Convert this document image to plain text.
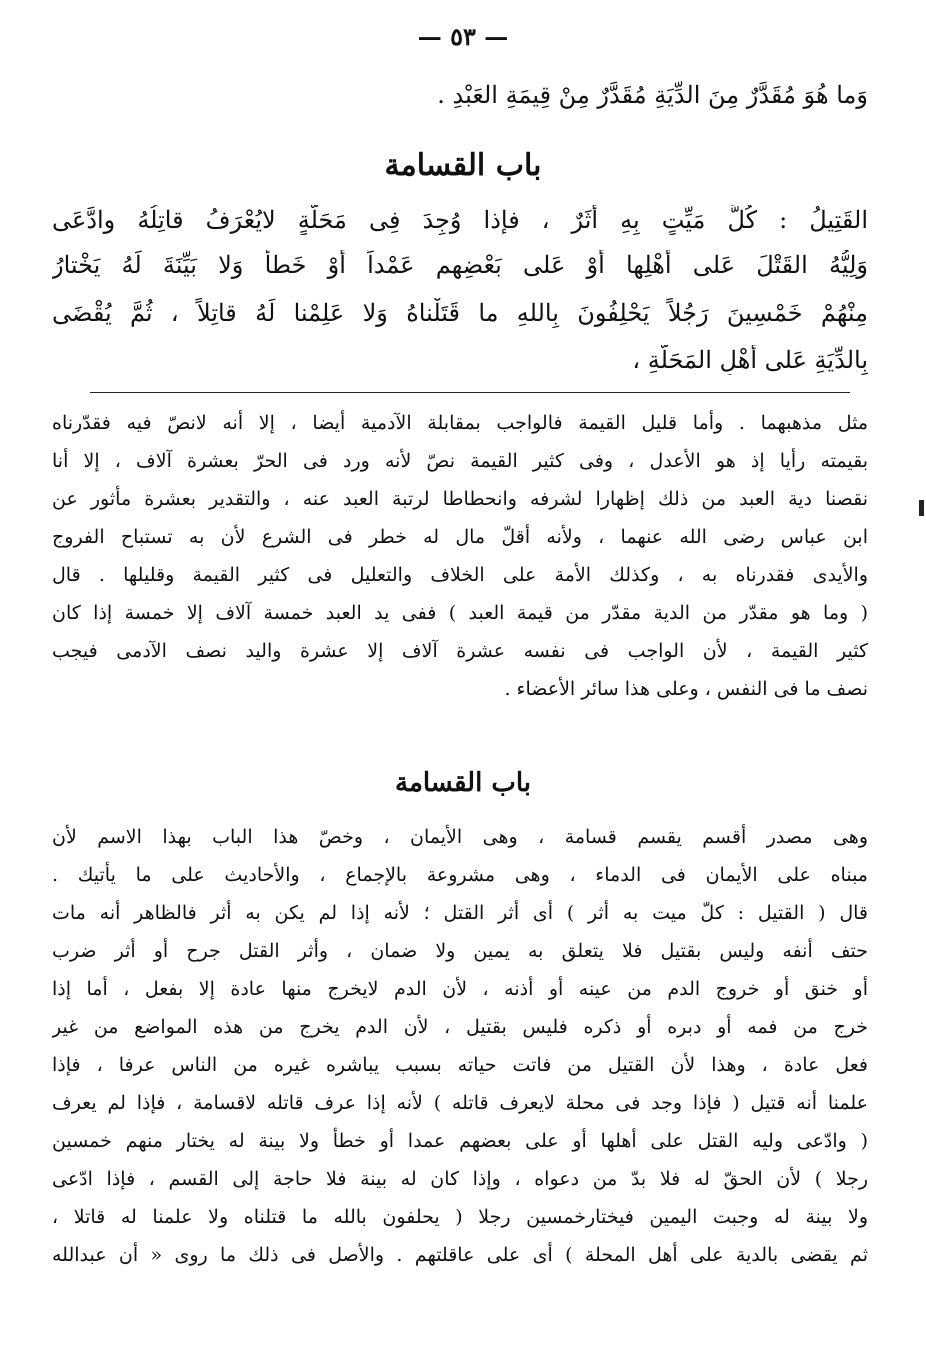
— ٥٣ —
وَما هُوَ مُقَدَّرٌ مِنَ الدِّيَةِ مُقَدَّرٌ مِنْ قِيمَةِ العَبْدِ .
باب القسامة
القَتِيلُ : كُلُّ مَيِّتٍ بِهِ أَثَرٌ ، فإذا وُجِدَ فِى مَحَلَّةٍ لايُعْرَفُ قاتِلُهُ وادَّعَى
وَلِيُّهُ القَتْلَ عَلى أَهْلِها أَوْ عَلى بَعْضِهِم عَمْداً أَوْ خَطأً وَلا بَيِّنَةَ لَهُ يَخْتارُ
مِنْهُمْ خَمْسِينَ رَجُلاً يَحْلِفُونَ بِاللهِ ما قَتَلْناهُ وَلا عَلِمْنا لَهُ قاتِلاً ، ثُمَّ يُقْضَى
بِالدِّيَةِ عَلى أَهْلِ المَحَلَّةِ ،
مثل مذهبهما . وأما قليل القيمة فالواجب بمقابلة الآدمية أيضا ، إلا أنه لانصّ فيه فقدّرناه
بقيمته رأيا إذ هو الأعدل ، وفى كثير القيمة نصّ لأنه ورد فى الحرّ بعشرة آلاف ، إلا أنا
نقصنا دية العبد من ذلك إظهارا لشرفه وانحطاطا لرتبة العبد عنه ، والتقدير بعشرة مأثور عن
ابن عباس رضى الله عنهما ، ولأنه أقلّ مال له خطر فى الشرع لأن به تستباح الفروج
والأيدى فقدرناه به ، وكذلك الأمة على الخلاف والتعليل فى كثير القيمة وقليلها . قال
( وما هو مقدّر من الدية مقدّر من قيمة العبد ) ففى يد العبد خمسة آلاف إلا خمسة إذا كان
كثير القيمة ، لأن الواجب فى نفسه عشرة آلاف إلا عشرة واليد نصف الآدمى فيجب
نصف ما فى النفس ، وعلى هذا سائر الأعضاء .
باب القسامة
وهى مصدر أقسم يقسم قسامة ، وهى الأيمان ، وخصّ هذا الباب بهذا الاسم لأن
مبناه على الأيمان فى الدماء ، وهى مشروعة بالإجماع ، والأحاديث على ما يأتيك .
قال ( القتيل : كلّ ميت به أثر ) أى أثر القتل ؛ لأنه إذا لم يكن به أثر فالظاهر أنه مات
حتف أنفه وليس بقتيل فلا يتعلق به يمين ولا ضمان ، وأثر القتل جرح أو أثر ضرب
أو خنق أو خروج الدم من عينه أو أذنه ، لأن الدم لايخرج منها عادة إلا بفعل ، أما إذا
خرج من فمه أو دبره أو ذكره فليس بقتيل ، لأن الدم يخرج من هذه المواضع من غير
فعل عادة ، وهذا لأن القتيل من فاتت حياته بسبب يباشره غيره من الناس عرفا ، فإذا
علمنا أنه قتيل ( فإذا وجد فى محلة لايعرف قاتله ) لأنه إذا عرف قاتله لاقسامة ، فإذا لم يعرف
( وادّعى وليه القتل على أهلها أو على بعضهم عمدا أو خطأ ولا بينة له يختار منهم خمسين
رجلا ) لأن الحقّ له فلا بدّ من دعواه ، وإذا كان له بينة فلا حاجة إلى القسم ، فإذا ادّعى
ولا بينة له وجبت اليمين فيختارخمسين رجلا ( يحلفون بالله ما قتلناه ولا علمنا له قاتلا ،
ثم يقضى بالدية على أهل المحلة ) أى على عاقلتهم . والأصل فى ذلك ما روى « أن عبدالله
